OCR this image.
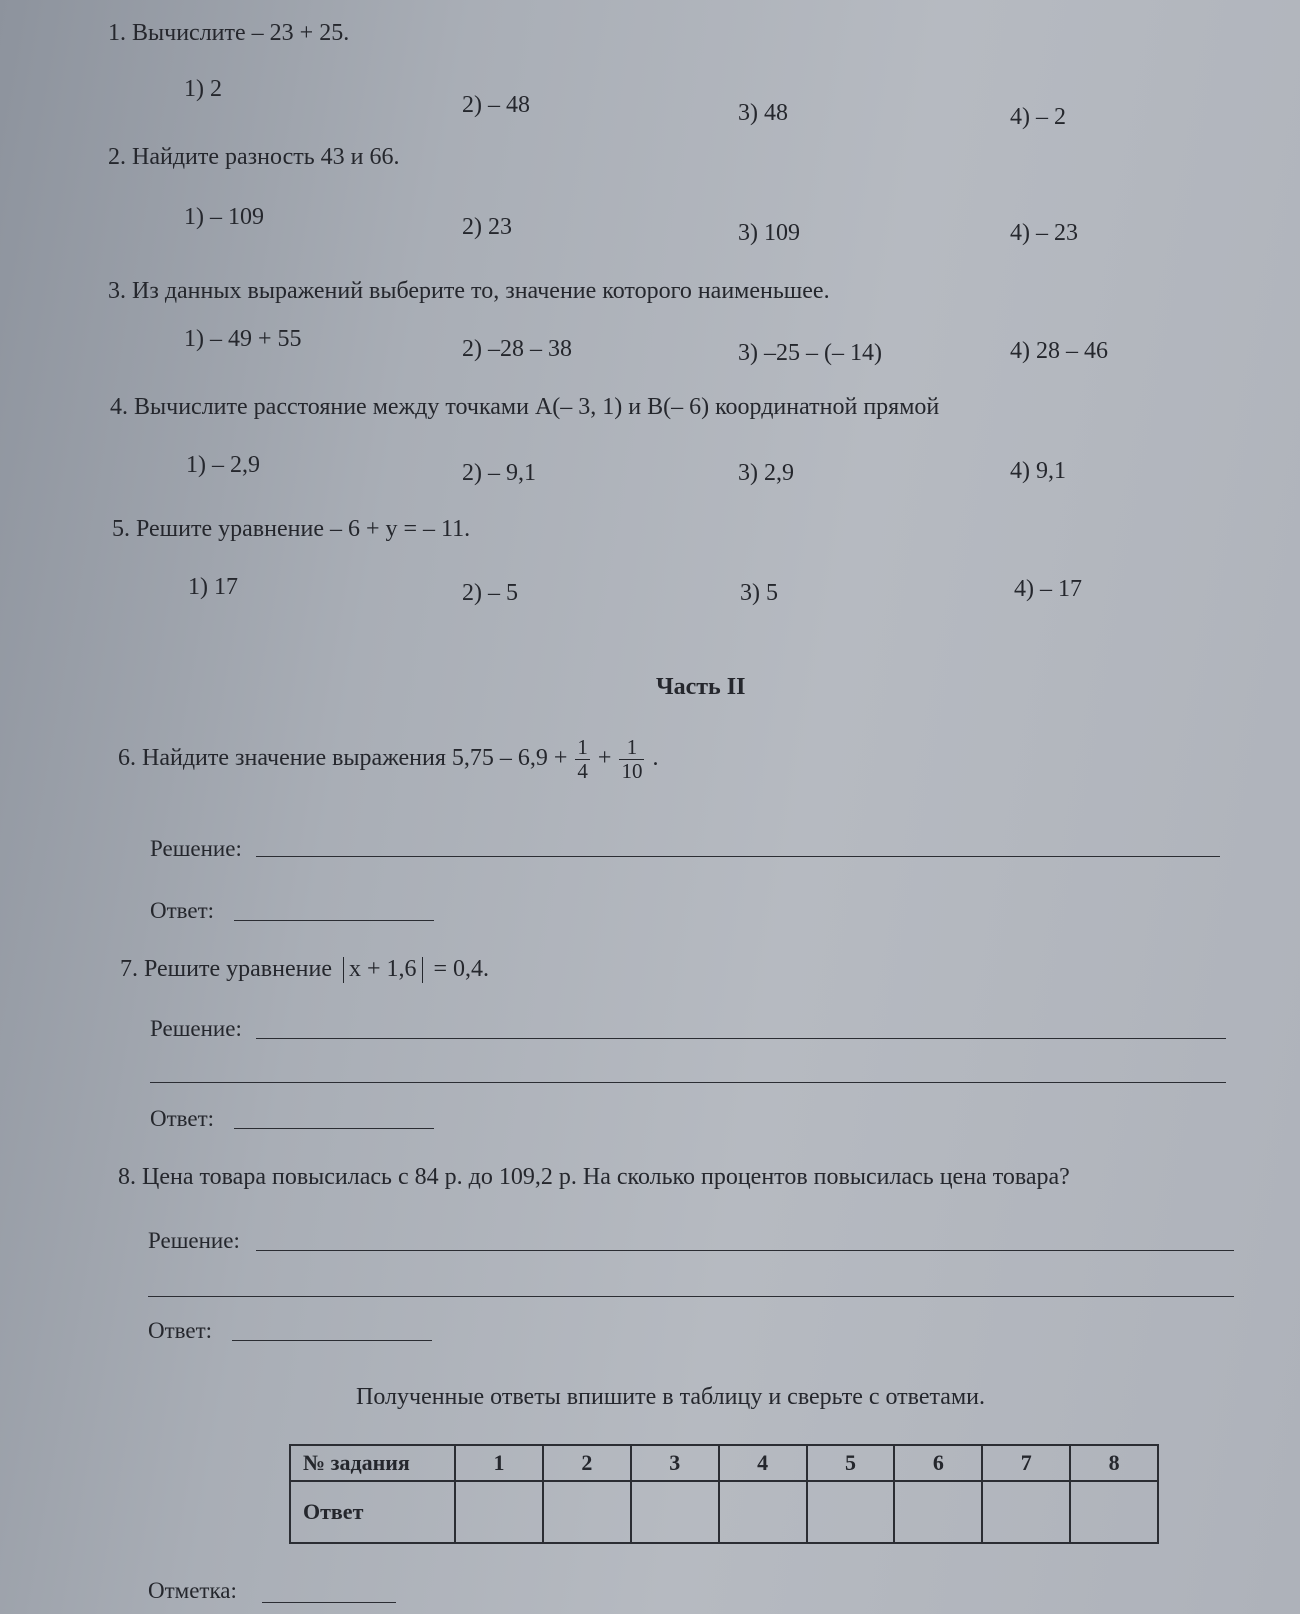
1. Вычислите – 23 + 25.
1) 2
2) – 48	3) 48	4) – 2
2. Найдите разность 43 и 66.
1) – 109	2) 23	3) 109	4) – 23
3. Из данных выражений выберите то, значение которого наименьшее.
1) – 49 + 55	2) –28 – 38	3) –25 – (– 14)	4) 28 – 46
4. Вычислите расстояние между точками A(– 3, 1) и B(– 6) координатной прямой
1) – 2,9	2) – 9,1	3) 2,9	4) 9,1
5. Решите уравнение – 6 + y = – 11.
1) 17	2) – 5	3) 5	4) – 17
Часть II
6. Найдите значение выражения $5,75 - 6,9 + \frac{1}{4} + \frac{1}{10}$ .
Решение:
Ответ:
7. Решите уравнение x + 1,6 = 0,4.
Решение:
Ответ:
8. Цена товара повысилась с 84 р. до 109,2 р. На сколько процентов повысилась цена товара?
Решение:
Ответ:
Полученные ответы впишите в таблицу и сверьте с ответами.
№ задания	1	2	3	4	5	6	7	8
Ответ								
Отметка:
